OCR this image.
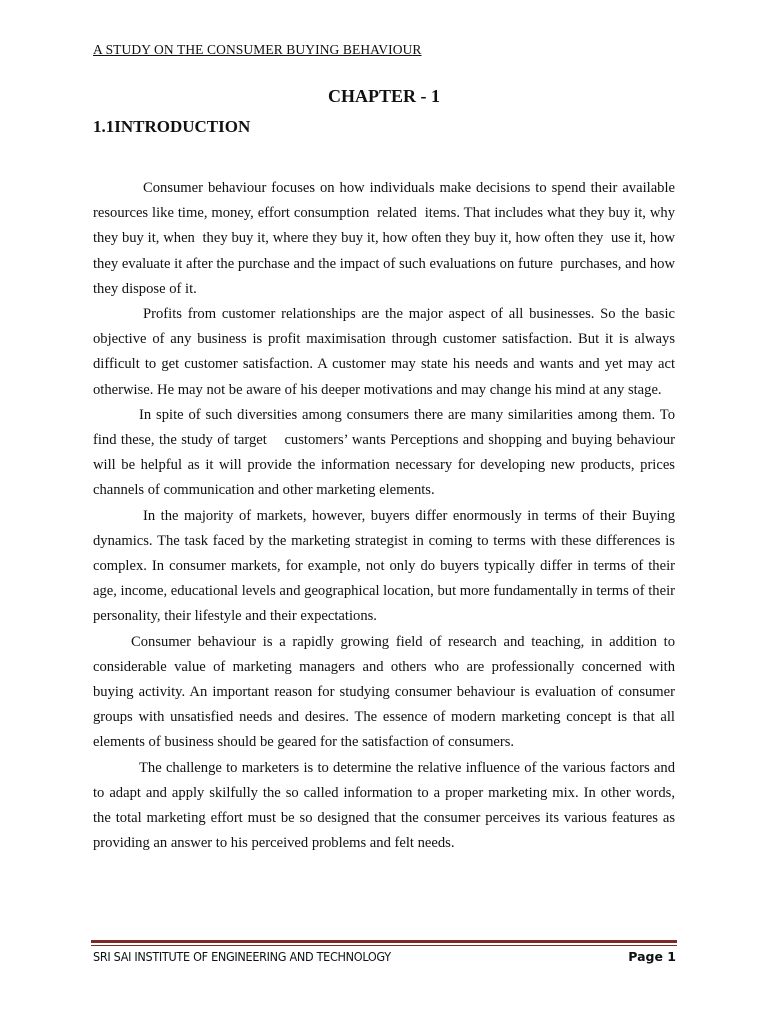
A STUDY ON THE CONSUMER BUYING BEHAVIOUR
CHAPTER - 1
1.1INTRODUCTION

Consumer behaviour focuses on how individuals make decisions to spend their available resources like time, money, effort consumption  related  items. That includes what they buy it, why they buy it, when  they buy it, where they buy it, how often they buy it, how often they  use it, how they evaluate it after the purchase and the impact of such evaluations on future  purchases, and how  they dispose of it.

Profits from customer relationships are the major aspect of all businesses. So the basic objective of any business is profit maximisation through customer satisfaction. But it is always difficult to get customer satisfaction. A customer may state his needs and wants and yet may act otherwise. He may not be aware of his deeper motivations and may change his mind at any stage.

In spite of such diversities among consumers there are many similarities among them. To find these, the study of target    customers’ wants Perceptions and shopping and buying behaviour will be helpful as it will provide the information necessary for developing new products, prices channels of communication and other marketing elements.

In the majority of markets, however, buyers differ enormously in terms of their Buying dynamics. The task faced by the marketing strategist in coming to terms with these differences is complex. In consumer markets, for example, not only do buyers typically differ in terms of their age, income, educational levels and geographical location, but more fundamentally in terms of their personality, their lifestyle and their expectations.

Consumer behaviour is a rapidly growing field of research and teaching, in addition to considerable value of marketing managers and others who are professionally concerned with buying activity. An important reason for studying consumer behaviour is evaluation of consumer groups with unsatisfied needs and desires. The essence of modern marketing concept is that all elements of business should be geared for the satisfaction of consumers.

The challenge to marketers is to determine the relative influence of the various factors and to adapt and apply skilfully the so called information to a proper marketing mix. In other words, the total marketing effort must be so designed that the consumer perceives its various features as providing an answer to his perceived problems and felt needs.

SRI SAI INSTITUTE OF ENGINEERING AND TECHNOLOGY	Page 1
